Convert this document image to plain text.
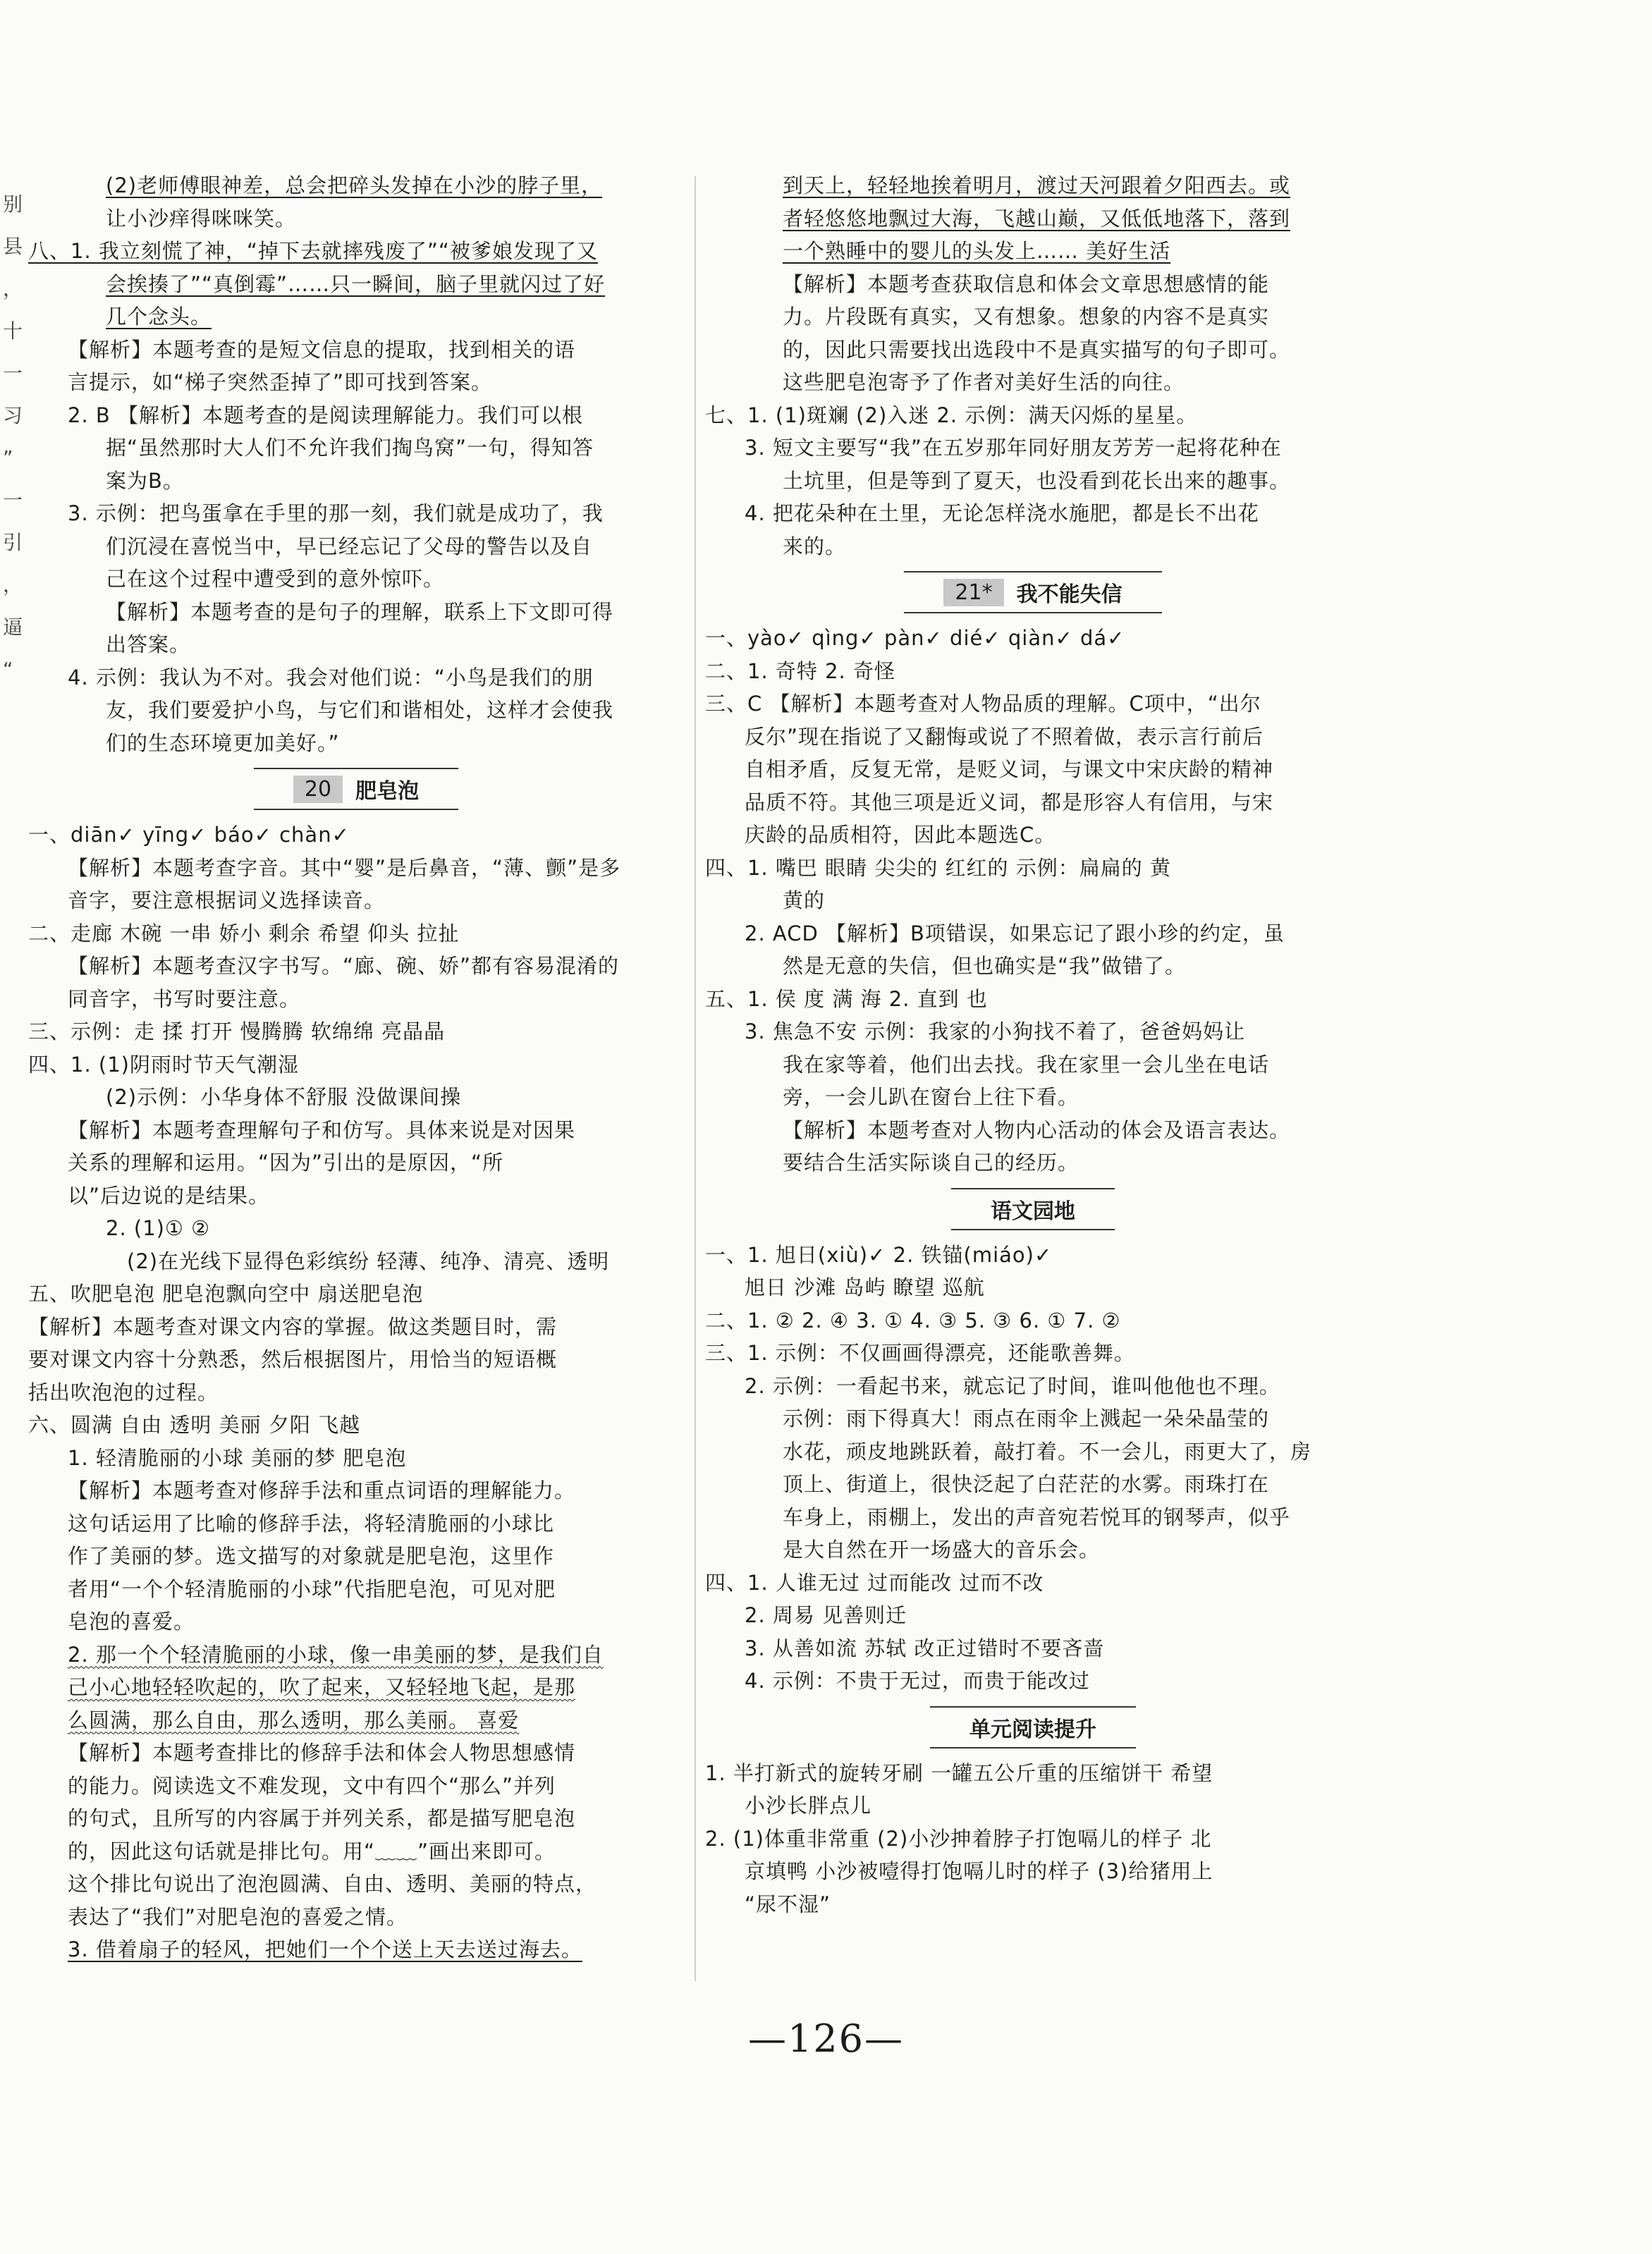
别
县
，
十
一
习
”
一
引
，
逼
“
(2)老师傅眼神差，总会把碎头发掉在小沙的脖子里，
让小沙痒得咪咪笑。
八、1. 我立刻慌了神，“掉下去就摔残废了”“被爹娘发现了又
会挨揍了”“真倒霉”……只一瞬间，脑子里就闪过了好
几个念头。
【解析】本题考查的是短文信息的提取，找到相关的语
言提示，如“梯子突然歪掉了”即可找到答案。
2. B 【解析】本题考查的是阅读理解能力。我们可以根
据“虽然那时大人们不允许我们掏鸟窝”一句，得知答
案为B。
3. 示例：把鸟蛋拿在手里的那一刻，我们就是成功了，我
们沉浸在喜悦当中，早已经忘记了父母的警告以及自
己在这个过程中遭受到的意外惊吓。
【解析】本题考查的是句子的理解，联系上下文即可得
出答案。
4. 示例：我认为不对。我会对他们说：“小鸟是我们的朋
友，我们要爱护小鸟，与它们和谐相处，这样才会使我
们的生态环境更加美好。”
20	肥皂泡
一、diān✓ yīng✓ báo✓ chàn✓
【解析】本题考查字音。其中“婴”是后鼻音，“薄、颤”是多
音字，要注意根据词义选择读音。
二、走廊 木碗 一串 娇小 剩余 希望 仰头 拉扯
【解析】本题考查汉字书写。“廊、碗、娇”都有容易混淆的
同音字，书写时要注意。
三、示例：走 揉 打开 慢腾腾 软绵绵 亮晶晶
四、1. (1)阴雨时节天气潮湿
(2)示例：小华身体不舒服 没做课间操
【解析】本题考查理解句子和仿写。具体来说是对因果
关系的理解和运用。“因为”引出的是原因，“所
以”后边说的是结果。
2. (1)① ②
(2)在光线下显得色彩缤纷 轻薄、纯净、清亮、透明
五、吹肥皂泡 肥皂泡飘向空中 扇送肥皂泡
【解析】本题考查对课文内容的掌握。做这类题目时，需
要对课文内容十分熟悉，然后根据图片，用恰当的短语概
括出吹泡泡的过程。
六、圆满 自由 透明 美丽 夕阳 飞越
1. 轻清脆丽的小球 美丽的梦 肥皂泡
【解析】本题考查对修辞手法和重点词语的理解能力。
这句话运用了比喻的修辞手法，将轻清脆丽的小球比
作了美丽的梦。选文描写的对象就是肥皂泡，这里作
者用“一个个轻清脆丽的小球”代指肥皂泡，可见对肥
皂泡的喜爱。
2. 那一个个轻清脆丽的小球，像一串美丽的梦，是我们自
己小心地轻轻吹起的，吹了起来，又轻轻地飞起，是那
么圆满，那么自由，那么透明，那么美丽。 喜爱
【解析】本题考查排比的修辞手法和体会人物思想感情
的能力。阅读选文不难发现，文中有四个“那么”并列
的句式，且所写的内容属于并列关系，都是描写肥皂泡
的，因此这句话就是排比句。用“﹏﹏”画出来即可。
这个排比句说出了泡泡圆满、自由、透明、美丽的特点，
表达了“我们”对肥皂泡的喜爱之情。
3. 借着扇子的轻风，把她们一个个送上天去送过海去。
到天上，轻轻地挨着明月，渡过天河跟着夕阳西去。或
者轻悠悠地飘过大海，飞越山巅，又低低地落下，落到
一个熟睡中的婴儿的头发上…… 美好生活
【解析】本题考查获取信息和体会文章思想感情的能
力。片段既有真实，又有想象。想象的内容不是真实
的，因此只需要找出选段中不是真实描写的句子即可。
这些肥皂泡寄予了作者对美好生活的向往。
七、1. (1)斑斓 (2)入迷 2. 示例：满天闪烁的星星。
3. 短文主要写“我”在五岁那年同好朋友芳芳一起将花种在
土坑里，但是等到了夏天，也没看到花长出来的趣事。
4. 把花朵种在土里，无论怎样浇水施肥，都是长不出花
来的。
21*	我不能失信
一、yào✓ qìng✓ pàn✓ dié✓ qiàn✓ dá✓
二、1. 奇特 2. 奇怪
三、C 【解析】本题考查对人物品质的理解。C项中，“出尔
反尔”现在指说了又翻悔或说了不照着做，表示言行前后
自相矛盾，反复无常，是贬义词，与课文中宋庆龄的精神
品质不符。其他三项是近义词，都是形容人有信用，与宋
庆龄的品质相符，因此本题选C。
四、1. 嘴巴 眼睛 尖尖的 红红的 示例：扁扁的 黄
黄的
2. ACD 【解析】B项错误，如果忘记了跟小珍的约定，虽
然是无意的失信，但也确实是“我”做错了。
五、1. 侯 度 满 海 2. 直到 也
3. 焦急不安 示例：我家的小狗找不着了，爸爸妈妈让
我在家等着，他们出去找。我在家里一会儿坐在电话
旁，一会儿趴在窗台上往下看。
【解析】本题考查对人物内心活动的体会及语言表达。
要结合生活实际谈自己的经历。
语文园地
一、1. 旭日(xiù)✓ 2. 铁锚(miáo)✓
旭日 沙滩 岛屿 瞭望 巡航
二、1. ② 2. ④ 3. ① 4. ③ 5. ③ 6. ① 7. ②
三、1. 示例：不仅画画得漂亮，还能歌善舞。
2. 示例：一看起书来，就忘记了时间，谁叫他他也不理。
示例：雨下得真大！雨点在雨伞上溅起一朵朵晶莹的
水花，顽皮地跳跃着，敲打着。不一会儿，雨更大了，房
顶上、街道上，很快泛起了白茫茫的水雾。雨珠打在
车身上，雨棚上，发出的声音宛若悦耳的钢琴声，似乎
是大自然在开一场盛大的音乐会。
四、1. 人谁无过 过而能改 过而不改
2. 周易 见善则迁
3. 从善如流 苏轼 改正过错时不要吝啬
4. 示例：不贵于无过，而贵于能改过
单元阅读提升
1. 半打新式的旋转牙刷 一罐五公斤重的压缩饼干 希望
小沙长胖点儿
2. (1)体重非常重 (2)小沙抻着脖子打饱嗝儿的样子 北
京填鸭 小沙被噎得打饱嗝儿时的样子 (3)给猪用上
“尿不湿”
—126—
